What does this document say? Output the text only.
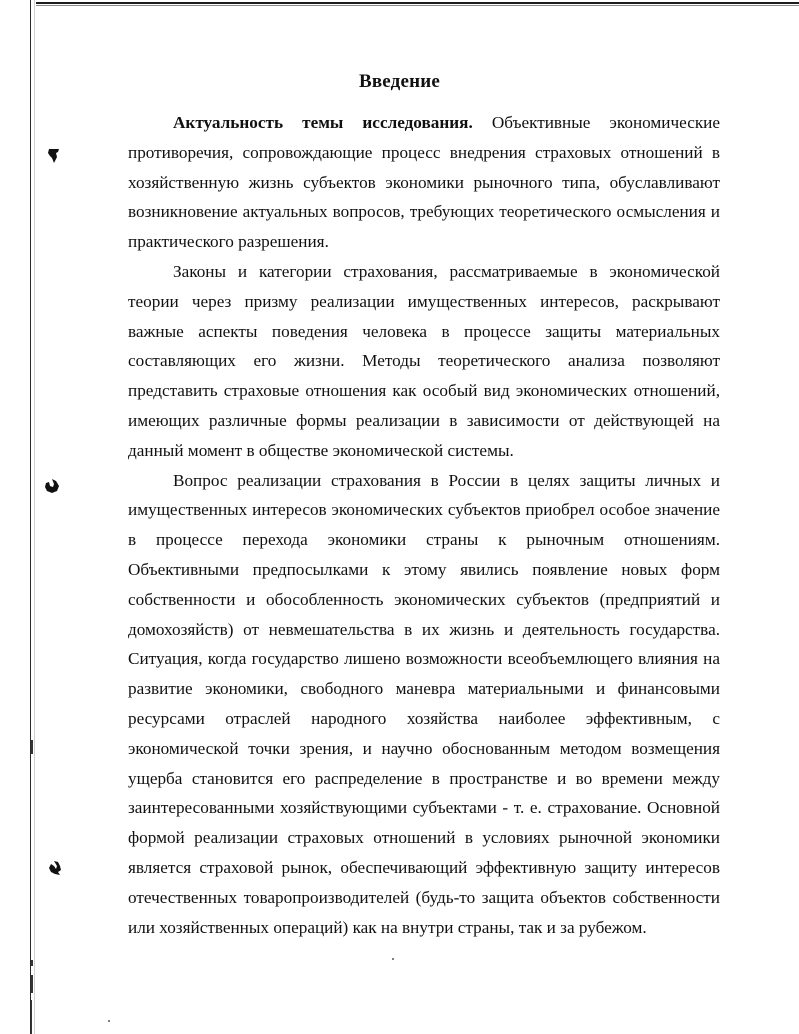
Введение

Актуальность темы исследования. Объективные экономические противоречия, сопровождающие процесс внедрения страховых отношений в хозяйственную жизнь субъектов экономики рыночного типа, обуславливают возникновение актуальных вопросов, требующих теоретического осмысления и практического разрешения.

Законы и категории страхования, рассматриваемые в экономической теории через призму реализации имущественных интересов, раскрывают важные аспекты поведения человека в процессе защиты материальных составляющих его жизни. Методы теоретического анализа позволяют представить страховые отношения как особый вид экономических отношений, имеющих различные формы реализации в зависимости от действующей на данный момент в обществе экономической системы.

Вопрос реализации страхования в России в целях защиты личных и имущественных интересов экономических субъектов приобрел особое значение в процессе перехода экономики страны к рыночным отношениям. Объективными предпосылками к этому явились появление новых форм собственности и обособленность экономических субъектов (предприятий и домохозяйств) от невмешательства в их жизнь и деятельность государства. Ситуация, когда государство лишено возможности всеобъемлющего влияния на развитие экономики, свободного маневра материальными и финансовыми ресурсами отраслей народного хозяйства наиболее эффективным, с экономической точки зрения, и научно обоснованным методом возмещения ущерба становится его распределение в пространстве и во времени между заинтересованными хозяйствующими субъектами - т. е. страхование. Основной формой реализации страховых отношений в условиях рыночной экономики является страховой рынок, обеспечивающий эффективную защиту интересов отечественных товаропроизводителей (будь-то защита объектов собственности или хозяйственных операций) как на внутри страны, так и за рубежом.
